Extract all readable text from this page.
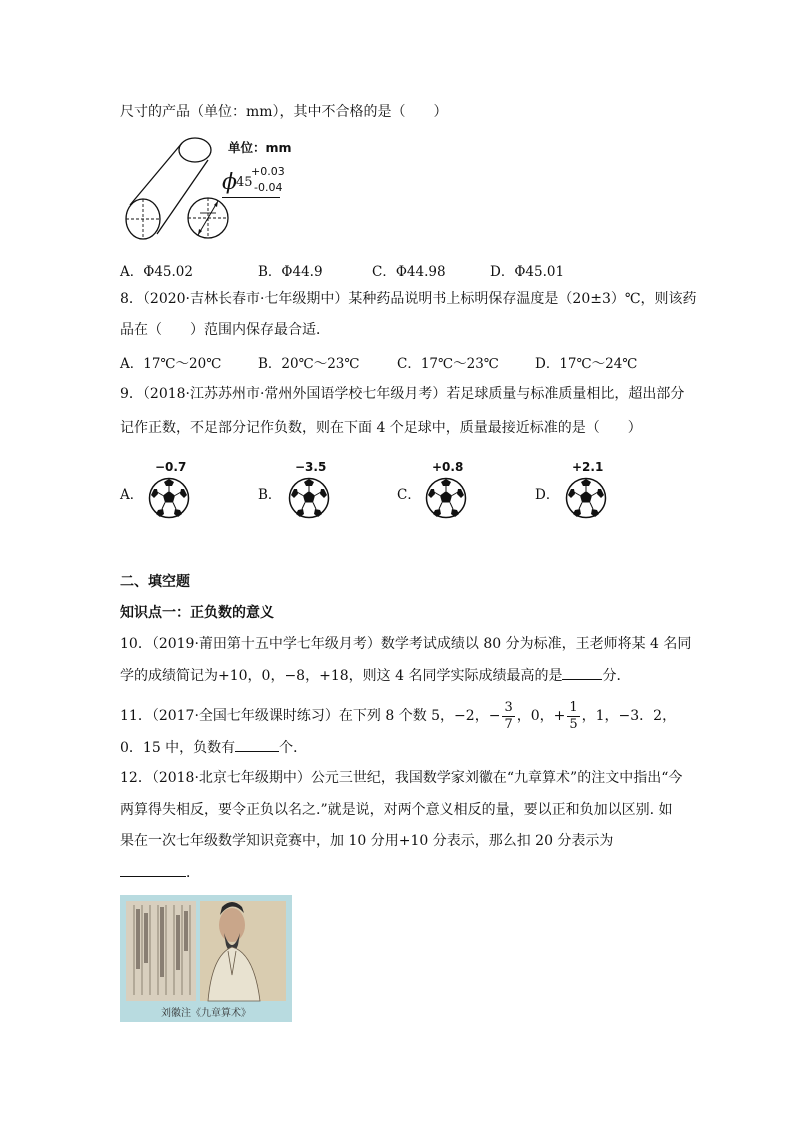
尺寸的产品（单位：mm），其中不合格的是（　　）
单位：mm
ϕ 45
+0.03
-0.04
A．Φ45.02	B．Φ44.9	C．Φ44.98	D．Φ45.01
8．（2020·吉林长春市·七年级期中）某种药品说明书上标明保存温度是（20±3）℃，则该药
品在（　　）范围内保存最合适．
A．17℃～20℃	B．20℃～23℃	C．17℃～23℃	D．17℃～24℃
9．（2018·江苏苏州市·常州外国语学校七年级月考）若足球质量与标准质量相比，超出部分
记作正数，不足部分记作负数，则在下面 4 个足球中，质量最接近标准的是（　　）
A．
−0.7
B．
−3.5
C．
+0.8
D．
+2.1
二、填空题
知识点一：正负数的意义
10．（2019·莆田第十五中学七年级月考）数学考试成绩以 80 分为标准，王老师将某 4 名同
学的成绩简记为+10，0，−8，+18，则这 4 名同学实际成绩最高的是	分．
11．（2017·全国七年级课时练习）在下列 8 个数 5，−2，− $\frac{3}{7}$ ，0，+ $\frac{1}{5}$ ，1，−3．2，
0．15 中，负数有	个．
12．（2018·北京七年级期中）公元三世纪，我国数学家刘徽在“九章算术”的注文中指出“今
两算得失相反，要令正负以名之.”就是说，对两个意义相反的量，要以正和负加以区别. 如
果在一次七年级数学知识竞赛中，加 10 分用+10 分表示，那么扣 20 分表示为
．
刘徽注《九章算术》
